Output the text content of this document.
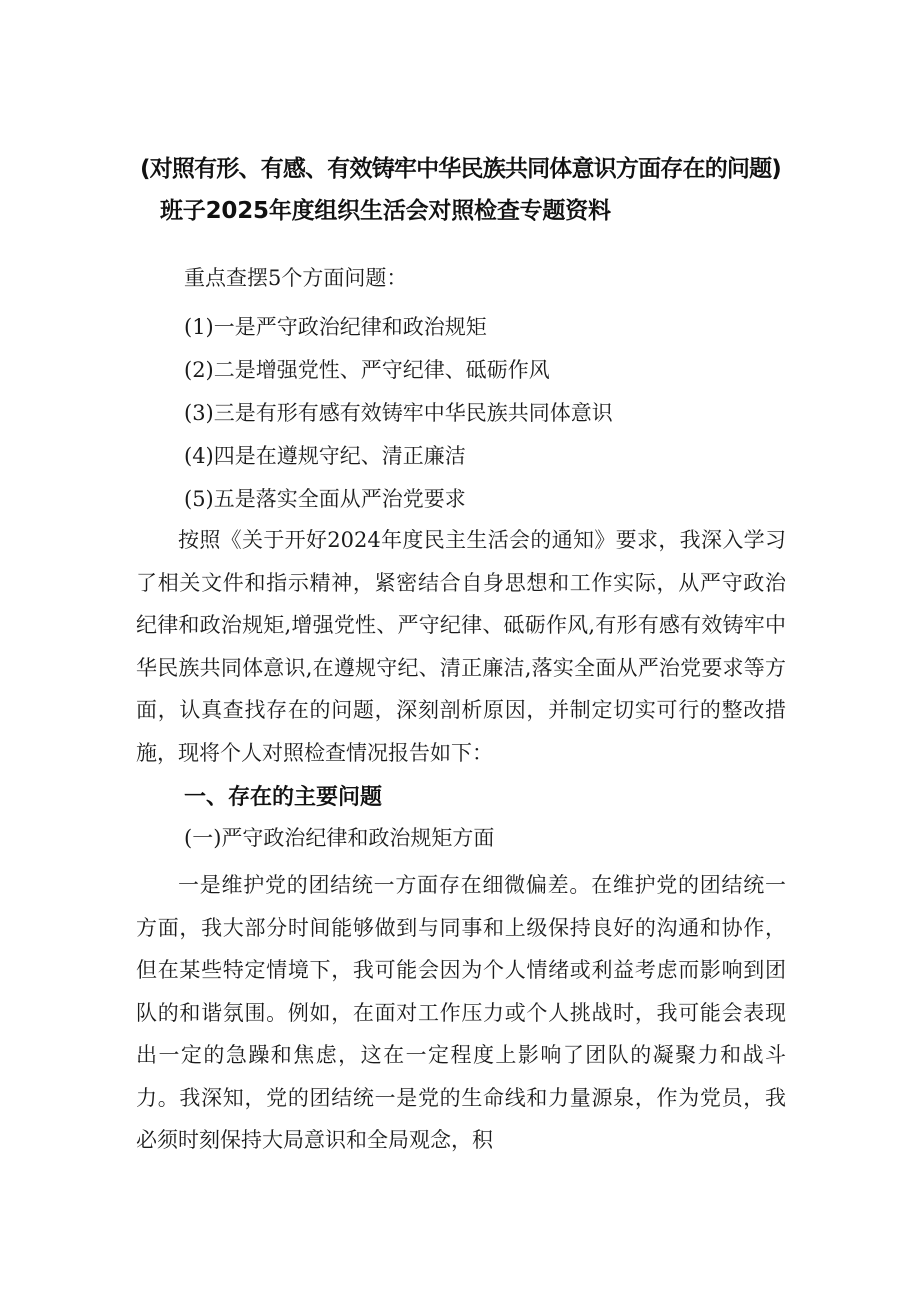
(对照有形、有感、有效铸牢中华民族共同体意识方面存在的问题)
班子2025年度组织生活会对照检查专题资料

重点查摆5个方面问题：

(1)一是严守政治纪律和政治规矩
(2)二是增强党性、严守纪律、砥砺作风
(3)三是有形有感有效铸牢中华民族共同体意识
(4)四是在遵规守纪、清正廉洁
(5)五是落实全面从严治党要求

按照《关于开好2024年度民主生活会的通知》要求，我深入学习了相关文件和指示精神，紧密结合自身思想和工作实际，从严守政治纪律和政治规矩,增强党性、严守纪律、砥砺作风,有形有感有效铸牢中华民族共同体意识,在遵规守纪、清正廉洁,落实全面从严治党要求等方面，认真查找存在的问题，深刻剖析原因，并制定切实可行的整改措施，现将个人对照检查情况报告如下：

一、存在的主要问题

(一)严守政治纪律和政治规矩方面

一是维护党的团结统一方面存在细微偏差。在维护党的团结统一方面，我大部分时间能够做到与同事和上级保持良好的沟通和协作，但在某些特定情境下，我可能会因为个人情绪或利益考虑而影响到团队的和谐氛围。例如，在面对工作压力或个人挑战时，我可能会表现出一定的急躁和焦虑，这在一定程度上影响了团队的凝聚力和战斗力。我深知，党的团结统一是党的生命线和力量源泉，作为党员，我必须时刻保持大局意识和全局观念，积
